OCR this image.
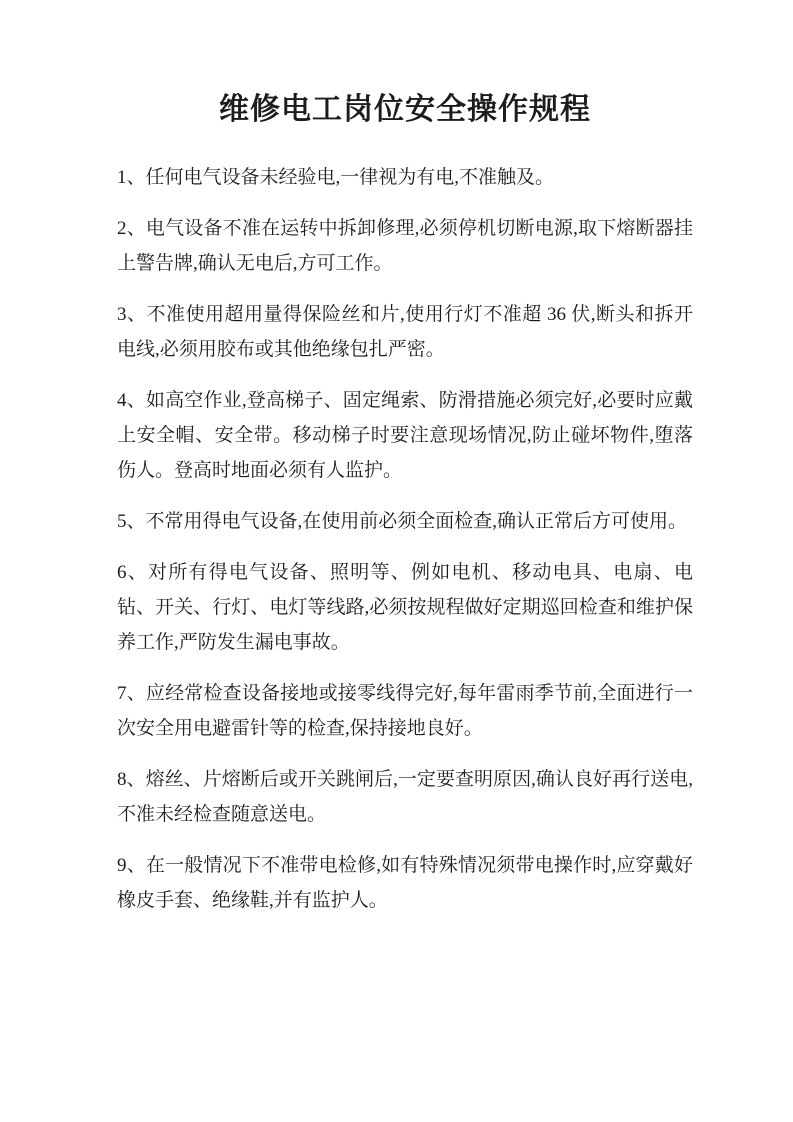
维修电工岗位安全操作规程

1、任何电气设备未经验电,一律视为有电,不准触及。

2、电气设备不准在运转中拆卸修理,必须停机切断电源,取下熔断器挂上警告牌,确认无电后,方可工作。

3、不准使用超用量得保险丝和片,使用行灯不准超 36 伏,断头和拆开电线,必须用胶布或其他绝缘包扎严密。

4、如高空作业,登高梯子、固定绳索、防滑措施必须完好,必要时应戴上安全帽、安全带。移动梯子时要注意现场情况,防止碰坏物件,堕落伤人。登高时地面必须有人监护。

5、不常用得电气设备,在使用前必须全面检查,确认正常后方可使用。

6、对所有得电气设备、照明等、例如电机、移动电具、电扇、电钻、开关、行灯、电灯等线路,必须按规程做好定期巡回检查和维护保养工作,严防发生漏电事故。

7、应经常检查设备接地或接零线得完好,每年雷雨季节前,全面进行一次安全用电避雷针等的检查,保持接地良好。

8、熔丝、片熔断后或开关跳闸后,一定要查明原因,确认良好再行送电,不准未经检查随意送电。

9、在一般情况下不准带电检修,如有特殊情况须带电操作时,应穿戴好橡皮手套、绝缘鞋,并有监护人。
